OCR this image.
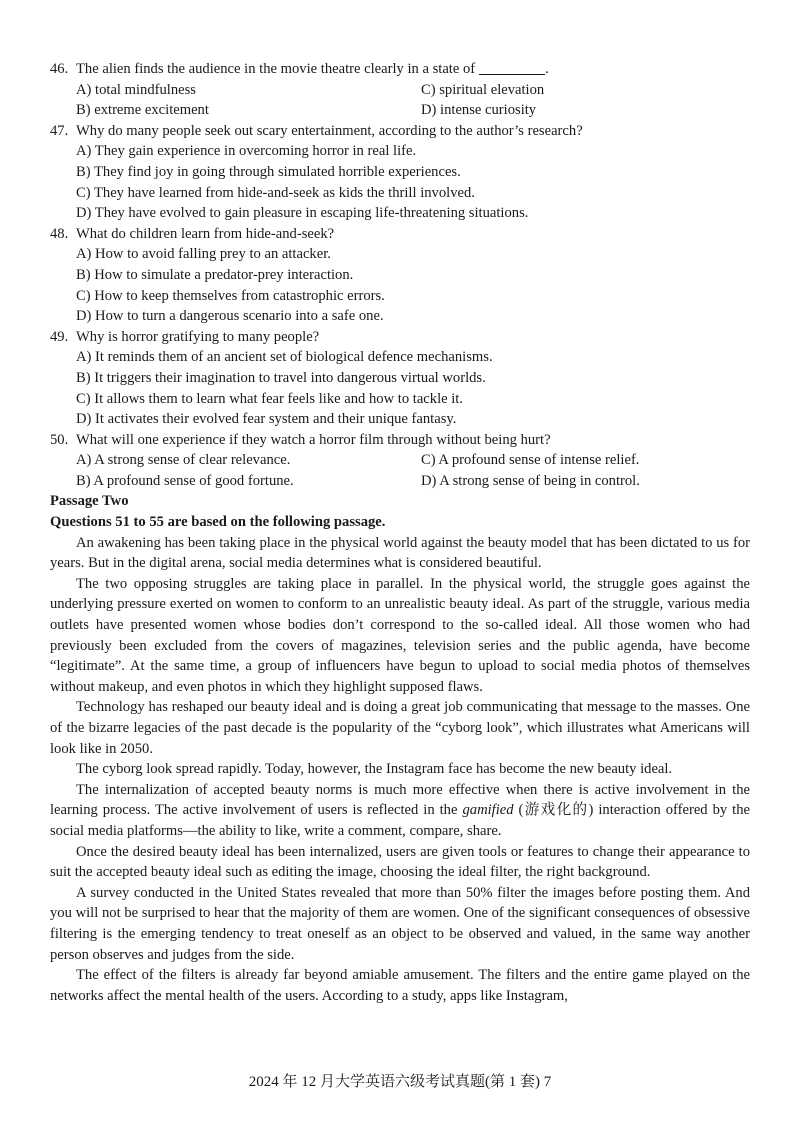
46. The alien finds the audience in the movie theatre clearly in a state of	.
A) total mindfulness	C) spiritual elevation
B) extreme excitement	D) intense curiosity
47. Why do many people seek out scary entertainment, according to the author’s research?
A) They gain experience in overcoming horror in real life.
B) They find joy in going through simulated horrible experiences.
C) They have learned from hide-and-seek as kids the thrill involved.
D) They have evolved to gain pleasure in escaping life-threatening situations.
48. What do children learn from hide-and-seek?
A) How to avoid falling prey to an attacker.
B) How to simulate a predator-prey interaction.
C) How to keep themselves from catastrophic errors.
D) How to turn a dangerous scenario into a safe one.
49. Why is horror gratifying to many people?
A) It reminds them of an ancient set of biological defence mechanisms.
B) It triggers their imagination to travel into dangerous virtual worlds.
C) It allows them to learn what fear feels like and how to tackle it.
D) It activates their evolved fear system and their unique fantasy.
50. What will one experience if they watch a horror film through without being hurt?
A) A strong sense of clear relevance.	C) A profound sense of intense relief.
B) A profound sense of good fortune.	D) A strong sense of being in control.
Passage Two
Questions 51 to 55 are based on the following passage.

An awakening has been taking place in the physical world against the beauty model that has been dictated to us for years. But in the digital arena, social media determines what is considered beautiful.

The two opposing struggles are taking place in parallel. In the physical world, the struggle goes against the underlying pressure exerted on women to conform to an unrealistic beauty ideal. As part of the struggle, various media outlets have presented women whose bodies don’t correspond to the so-called ideal. All those women who had previously been excluded from the covers of magazines, television series and the public agenda, have become “legitimate”. At the same time, a group of influencers have begun to upload to social media photos of themselves without makeup, and even photos in which they highlight supposed flaws.

Technology has reshaped our beauty ideal and is doing a great job communicating that message to the masses. One of the bizarre legacies of the past decade is the popularity of the “cyborg look”, which illustrates what Americans will look like in 2050.

The cyborg look spread rapidly. Today, however, the Instagram face has become the new beauty ideal.

The internalization of accepted beauty norms is much more effective when there is active involvement in the learning process. The active involvement of users is reflected in the gamified (游戏化的) interaction offered by the social media platforms—the ability to like, write a comment, compare, share.

Once the desired beauty ideal has been internalized, users are given tools or features to change their appearance to suit the accepted beauty ideal such as editing the image, choosing the ideal filter, the right background.

A survey conducted in the United States revealed that more than 50% filter the images before posting them. And you will not be surprised to hear that the majority of them are women. One of the significant consequences of obsessive filtering is the emerging tendency to treat oneself as an object to be observed and valued, in the same way another person observes and judges from the side.

The effect of the filters is already far beyond amiable amusement. The filters and the entire game played on the networks affect the mental health of the users. According to a study, apps like Instagram,

2024 年 12 月大学英语六级考试真题(第 1 套) 7
